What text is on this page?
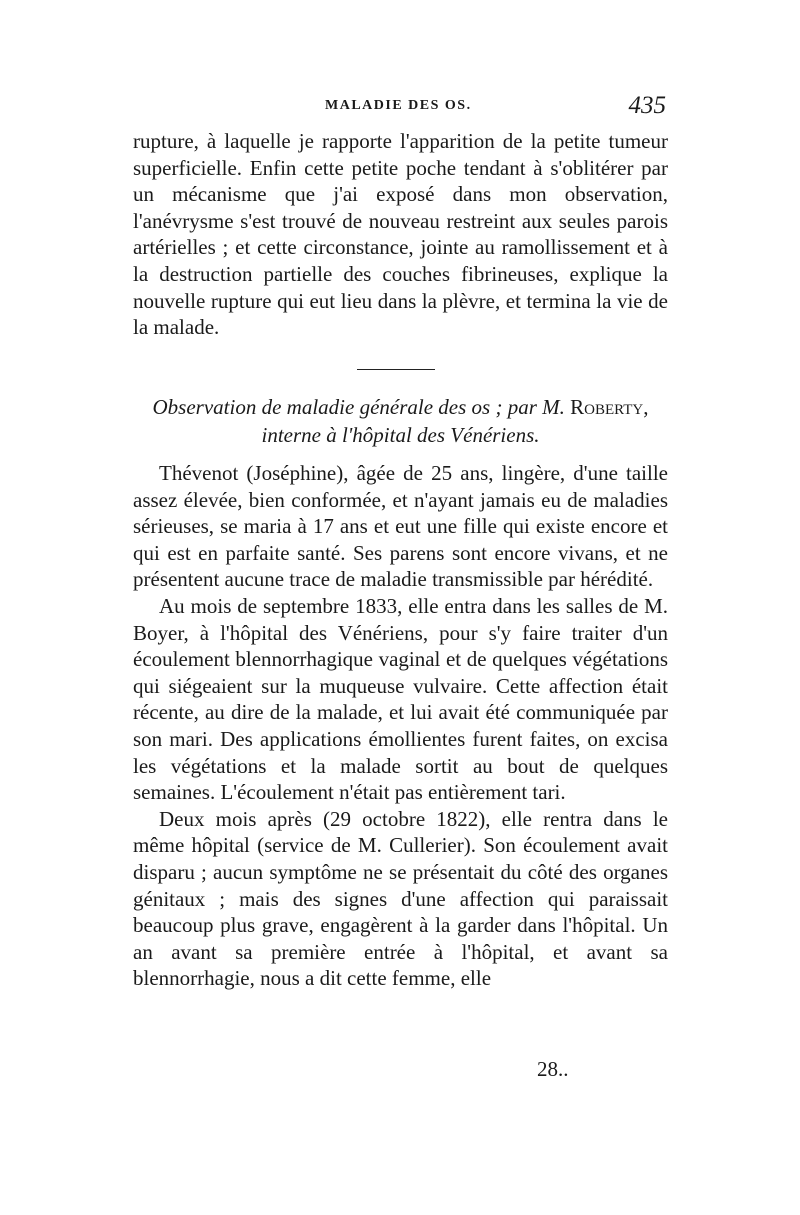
MALADIE DES OS.	435

rupture, à laquelle je rapporte l'apparition de la petite tumeur superficielle. Enfin cette petite poche tendant à s'oblitérer par un mécanisme que j'ai exposé dans mon observation, l'anévrysme s'est trouvé de nouveau restreint aux seules parois artérielles ; et cette circonstance, jointe au ramollissement et à la destruction partielle des couches fibrineuses, explique la nouvelle rupture qui eut lieu dans la plèvre, et termina la vie de la malade.

Observation de maladie générale des os ; par M. Roberty,
interne à l'hôpital des Vénériens.

Thévenot (Joséphine), âgée de 25 ans, lingère, d'une taille assez élevée, bien conformée, et n'ayant jamais eu de maladies sérieuses, se maria à 17 ans et eut une fille qui existe encore et qui est en parfaite santé. Ses parens sont encore vivans, et ne présentent aucune trace de maladie transmissible par hérédité.

Au mois de septembre 1833, elle entra dans les salles de M. Boyer, à l'hôpital des Vénériens, pour s'y faire traiter d'un écoulement blennorrhagique vaginal et de quelques végétations qui siégeaient sur la muqueuse vulvaire. Cette affection était récente, au dire de la malade, et lui avait été communiquée par son mari. Des applications émollientes furent faites, on excisa les végétations et la malade sortit au bout de quelques semaines. L'écoulement n'était pas entièrement tari.

Deux mois après (29 octobre 1822), elle rentra dans le même hôpital (service de M. Cullerier). Son écoulement avait disparu ; aucun symptôme ne se présentait du côté des organes génitaux ; mais des signes d'une affection qui paraissait beaucoup plus grave, engagèrent à la garder dans l'hôpital. Un an avant sa première entrée à l'hôpital, et avant sa blennorrhagie, nous a dit cette femme, elle

28..
